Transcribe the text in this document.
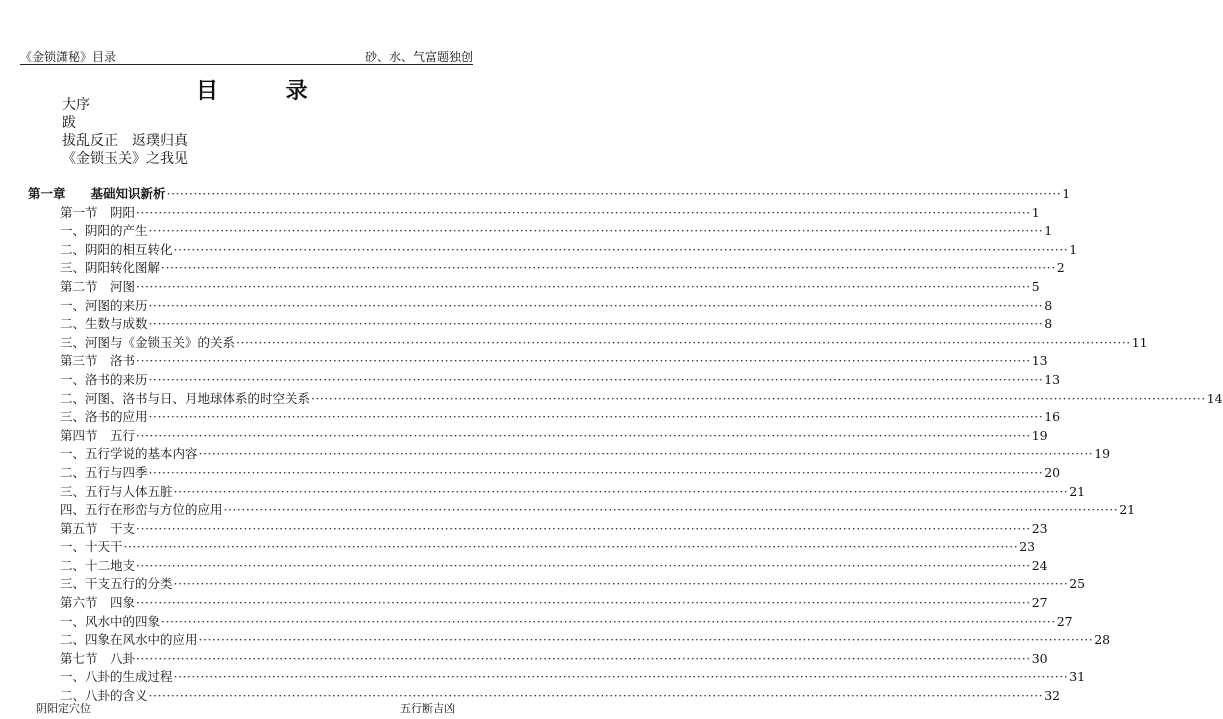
《金锁潇秘》目录	砂、水、气富题独创
目 录
大序
跋
拔乱反正　返璞归真
《金锁玉关》之我见
第一章　　基础知识新析 ········································································································································································································ 1
第一节　阴阳 ········································································································································································································ 1
一、阴阳的产生 ········································································································································································································ 1
二、阴阳的相互转化 ········································································································································································································ 1
三、阴阳转化图解 ········································································································································································································ 2
第二节　河图 ········································································································································································································ 5
一、河图的来历 ········································································································································································································ 8
二、生数与成数 ········································································································································································································ 8
三、河图与《金锁玉关》的关系 ········································································································································································································ 11
第三节　洛书 ········································································································································································································ 13
一、洛书的来历 ········································································································································································································ 13
二、河图、洛书与日、月地球体系的时空关系 ········································································································································································································ 14
三、洛书的应用 ········································································································································································································ 16
第四节　五行 ········································································································································································································ 19
一、五行学说的基本内容 ········································································································································································································ 19
二、五行与四季 ········································································································································································································ 20
三、五行与人体五脏 ········································································································································································································ 21
四、五行在形峦与方位的应用 ········································································································································································································ 21
第五节　干支 ········································································································································································································ 23
一、十天干 ········································································································································································································ 23
二、十二地支 ········································································································································································································ 24
三、干支五行的分类 ········································································································································································································ 25
第六节　四象 ········································································································································································································ 27
一、风水中的四象 ········································································································································································································ 27
二、四象在风水中的应用 ········································································································································································································ 28
第七节　八卦 ········································································································································································································ 30
一、八卦的生成过程 ········································································································································································································ 31
二、八卦的含义 ········································································································································································································ 32
阴阳定穴位	五行断吉凶
